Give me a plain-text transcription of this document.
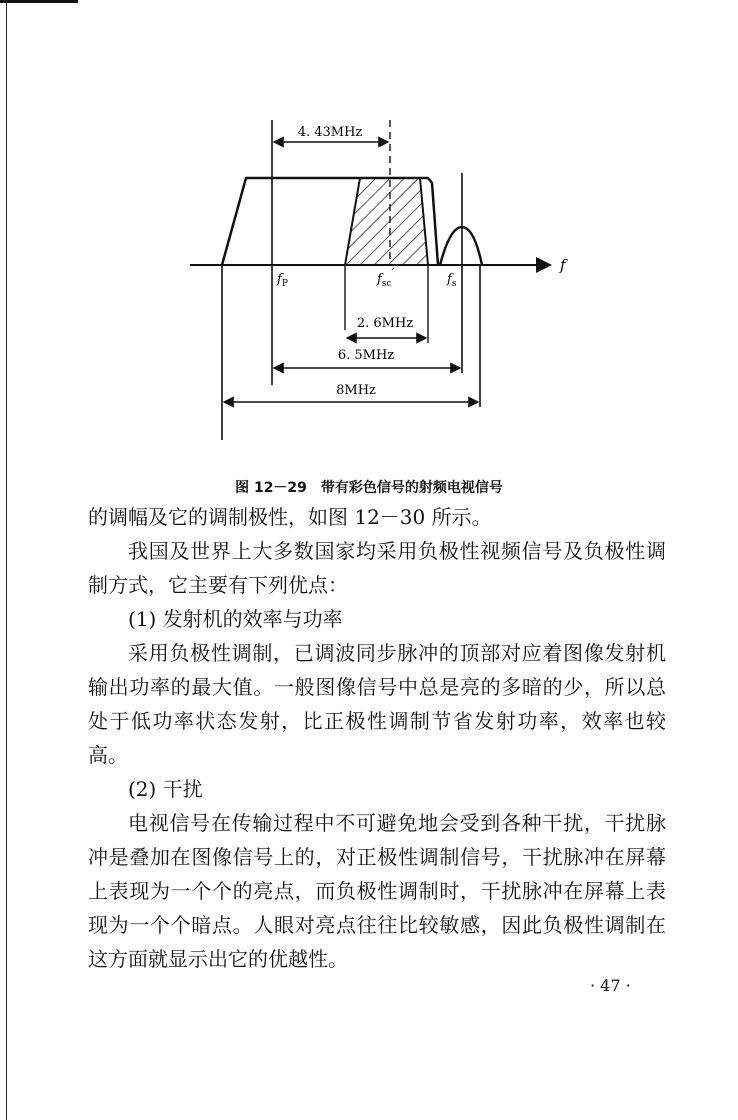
4. 43MHz
2. 6MHz
6. 5MHz
8MHz
$f_P$	$f_{sc}'$	$f_s$
f
图 12－29　带有彩色信号的射频电视信号
的调幅及它的调制极性，如图 12－30 所示。
我国及世界上大多数国家均采用负极性视频信号及负极性调制方式，它主要有下列优点：
(1) 发射机的效率与功率
采用负极性调制，已调波同步脉冲的顶部对应着图像发射机输出功率的最大值。一般图像信号中总是亮的多暗的少，所以总处于低功率状态发射，比正极性调制节省发射功率，效率也较高。
(2) 干扰
电视信号在传输过程中不可避免地会受到各种干扰，干扰脉冲是叠加在图像信号上的，对正极性调制信号，干扰脉冲在屏幕上表现为一个个的亮点，而负极性调制时，干扰脉冲在屏幕上表现为一个个暗点。人眼对亮点往往比较敏感，因此负极性调制在这方面就显示出它的优越性。
· 47 ·
